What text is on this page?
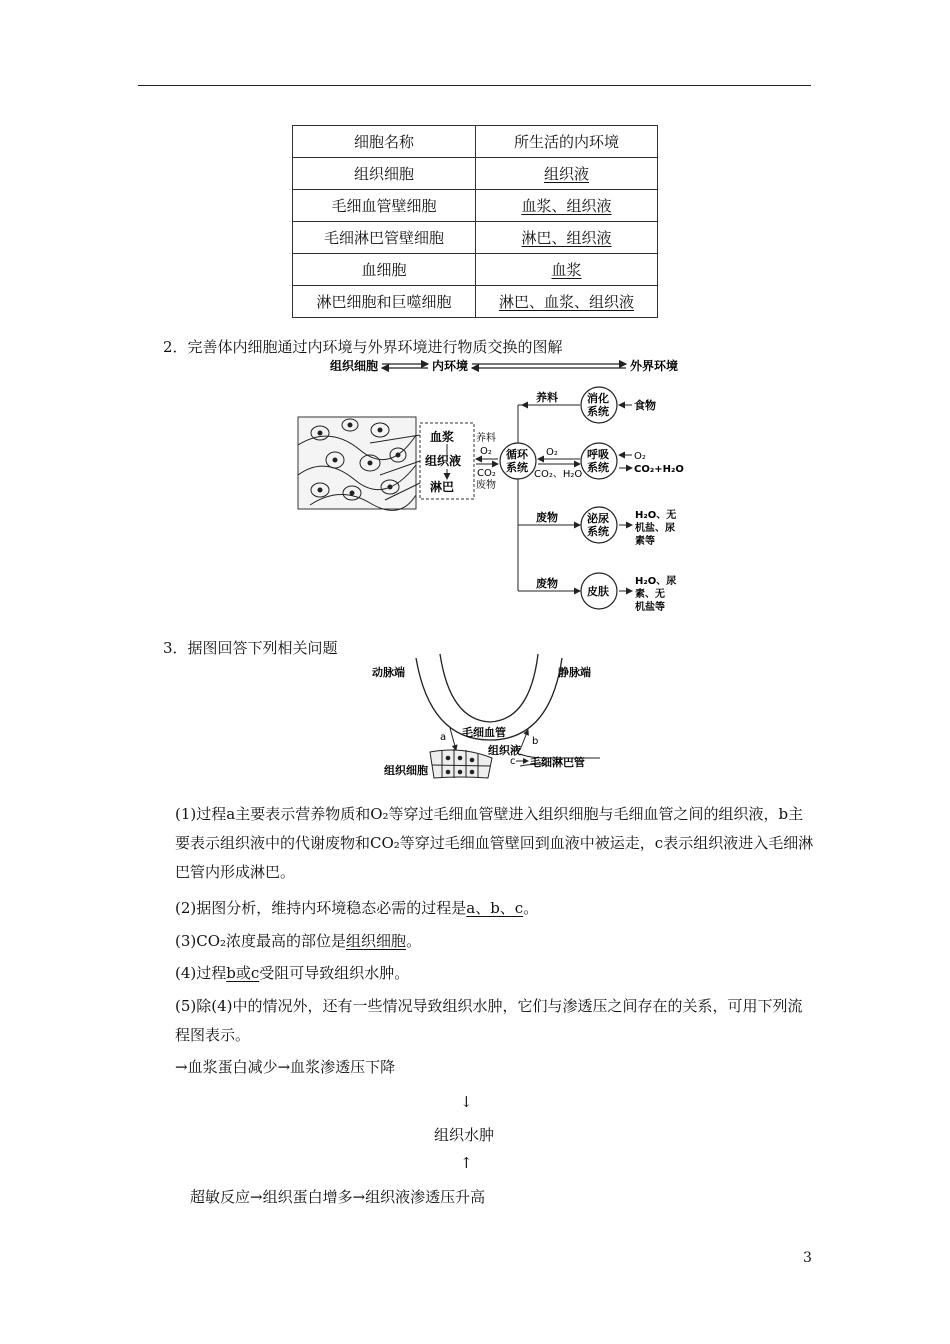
细胞名称	所生活的内环境
组织细胞	组织液
毛细血管壁细胞	血浆、组织液
毛细淋巴管壁细胞	淋巴、组织液
血细胞	血浆
淋巴细胞和巨噬细胞	淋巴、血浆、组织液
2．完善体内细胞通过内环境与外界环境进行物质交换的图解
组织细胞	内环境	外界环境
血浆
组织液
淋巴
养料
O₂
CO₂
废物
循环
系统
养料	消化
系统 食物
O₂
CO₂、H₂O
呼吸
系统
O₂
CO₂+H₂O
废物	泌尿
系统
H₂O、无
机盐、尿
素等
废物
皮肤
H₂O、尿
素、无
机盐等
3．据图回答下列相关问题
动脉端	静脉端
毛细血管
a	b
组织液
组织细胞
c 毛细淋巴管
(1)过程a主要表示营养物质和O₂等穿过毛细血管壁进入组织细胞与毛细血管之间的组织液，b主要表示组织液中的代谢废物和CO₂等穿过毛细血管壁回到血液中被运走，c表示组织液进入毛细淋巴管内形成淋巴。
(2)据图分析，维持内环境稳态必需的过程是a、b、c。
(3)CO₂浓度最高的部位是组织细胞。
(4)过程b或c受阻可导致组织水肿。
(5)除(4)中的情况外，还有一些情况导致组织水肿，它们与渗透压之间存在的关系，可用下列流程图表示。
→血浆蛋白减少→血浆渗透压下降
↓
组织水肿
↑
超敏反应→组织蛋白增多→组织液渗透压升高
3
